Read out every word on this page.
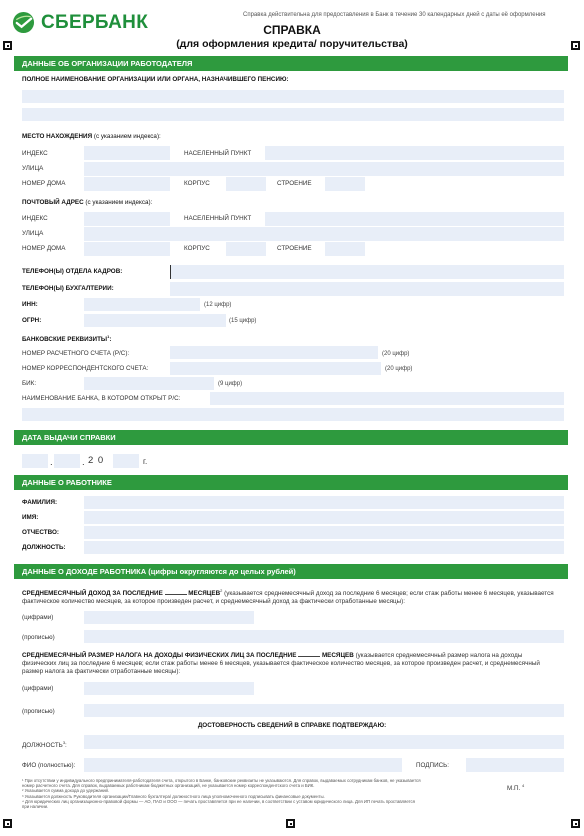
СБЕРБАНК	Справка действительна для предоставления в Банк в течение 30 календарных дней с даты её оформления
СПРАВКА
(для оформления кредита/ поручительства)
ДАННЫЕ ОБ ОРГАНИЗАЦИИ РАБОТОДАТЕЛЯ
ПОЛНОЕ НАИМЕНОВАНИЕ ОРГАНИЗАЦИИ ИЛИ ОРГАНА, НАЗНАЧИВШЕГО ПЕНСИЮ:
МЕСТО НАХОЖДЕНИЯ (с указанием индекса):
ИНДЕКС	НАСЕЛЕННЫЙ ПУНКТ
УЛИЦА
НОМЕР ДОМА	КОРПУС	СТРОЕНИЕ
ПОЧТОВЫЙ АДРЕС (с указанием индекса):
ИНДЕКС	НАСЕЛЕННЫЙ ПУНКТ
УЛИЦА
НОМЕР ДОМА	КОРПУС	СТРОЕНИЕ
ТЕЛЕФОН(Ы) ОТДЕЛА КАДРОВ:
ТЕЛЕФОН(Ы) БУХГАЛТЕРИИ:
ИНН:	(12 цифр)
ОГРН:	(15 цифр)
БАНКОВСКИЕ РЕКВИЗИТЫ$^1$:
НОМЕР РАСЧЕТНОГО СЧЕТА (Р/С):	(20 цифр)
НОМЕР КОРРЕСПОНДЕНТСКОГО СЧЕТА:	(20 цифр)
БИК:	(9 цифр)
НАИМЕНОВАНИЕ БАНКА, В КОТОРОМ ОТКРЫТ Р/С:
ДАТА ВЫДАЧИ СПРАВКИ
.	. 2 0	г.
ДАННЫЕ О РАБОТНИКЕ
ФАМИЛИЯ:
ИМЯ:
ОТЧЕСТВО:
ДОЛЖНОСТЬ:
ДАННЫЕ О ДОХОДЕ РАБОТНИКА (цифры округляются до целых рублей)
СРЕДНЕМЕСЯЧНЫЙ ДОХОД ЗА ПОСЛЕДНИЕ	МЕСЯЦЕВ$^2$ (указывается среднемесячный доход за последние 6 месяцев; если стаж работы менее 6 месяцев, указывается фактическое количество месяцев, за которое произведен расчет, и среднемесячный доход за фактически отработанные месяцы):
(цифрами)
(прописью)
СРЕДНЕМЕСЯЧНЫЙ РАЗМЕР НАЛОГА НА ДОХОДЫ ФИЗИЧЕСКИХ ЛИЦ ЗА ПОСЛЕДНИЕ	МЕСЯЦЕВ (указывается среднемесячный размер налога на доходы физических лиц за последние 6 месяцев; если стаж работы менее 6 месяцев, указывается фактическое количество месяцев, за которое произведен расчет, и среднемесячный размер налога за фактически отработанные месяцы):
(цифрами)
(прописью)
ДОСТОВЕРНОСТЬ СВЕДЕНИЙ В СПРАВКЕ ПОДТВЕРЖДАЮ:
ДОЛЖНОСТЬ$^3$:
ФИО (полностью):	ПОДПИСЬ:
М.П. $^4$
¹ При отсутствии у индивидуального предпринимателя-работодателя счета, открытого в Банке, банковские реквизиты не указываются. Для справок, выдаваемых сотрудникам банков, не указывается номер расчетного счета. Для справок, выдаваемых работникам бюджетных организаций, не указывается номер корреспондентского счета и БИК.
² Указывается сумма дохода до удержаний.
³ Указывается должность Руководителя организации/Главного бухгалтера/ должностного лица уполномоченного подписывать финансовые документы.
⁴ Для юридических лиц организационно-правовой формы — АО, ПАО и ООО — печать проставляется при ее наличии, в соответствии с уставом юридического лица. Для ИП печать проставляется при наличии.
